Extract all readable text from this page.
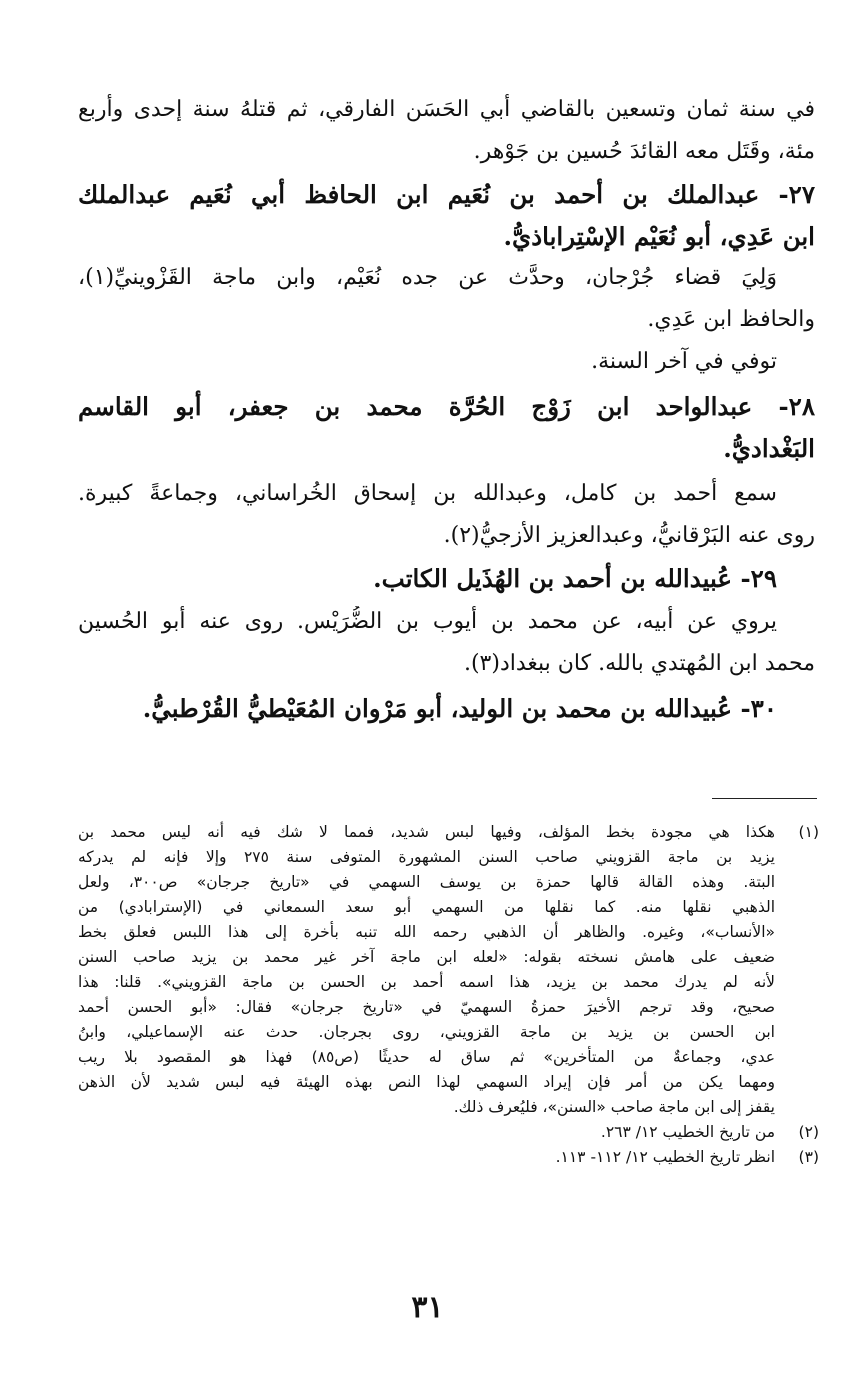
في سنة ثمان وتسعين بالقاضي أبي الحَسَن الفارقي، ثم قتلهُ سنة إحدى وأربع
مئة، وقَتَل معه القائدَ حُسين بن جَوْهر.
٢٧- عبدالملك بن أحمد بن نُعَيم ابن الحافظ أبي نُعَيم عبدالملك
ابن عَدِي، أبو نُعَيْم الإسْتِراباذيُّ.
وَلِيَ قضاء جُرْجان، وحدَّث عن جده نُعَيْم، وابن ماجة القَزْوينيِّ(١)،
والحافظ ابن عَدِي.
توفي في آخر السنة.
٢٨- عبدالواحد ابن زَوْج الحُرَّة محمد بن جعفر، أبو القاسم
البَغْداديُّ.
سمع أحمد بن كامل، وعبدالله بن إسحاق الخُراساني، وجماعةً كبيرة.
روى عنه البَرْقانيُّ، وعبدالعزيز الأزجيُّ(٢).
٢٩- عُبيدالله بن أحمد بن الهُذَيل الكاتب.
يروي عن أبيه، عن محمد بن أيوب بن الضُّرَيْس. روى عنه أبو الحُسين
محمد ابن المُهتدي بالله. كان ببغداد(٣).
٣٠- عُبيدالله بن محمد بن الوليد، أبو مَرْوان المُعَيْطيُّ القُرْطبيُّ.
(١)
هكذا هي مجودة بخط المؤلف، وفيها لبس شديد، فمما لا شك فيه أنه ليس محمد بن
يزيد بن ماجة القزويني صاحب السنن المشهورة المتوفى سنة ٢٧٥ وإلا فإنه لم يدركه
البتة. وهذه القالة قالها حمزة بن يوسف السهمي في «تاريخ جرجان» ص٣٠٠، ولعل
الذهبي نقلها منه. كما نقلها من السهمي أبو سعد السمعاني في (الإسترابادي) من
«الأنساب»، وغيره. والظاهر أن الذهبي رحمه الله تنبه بأخرة إلى هذا اللبس فعلق بخط
ضعيف على هامش نسخته بقوله: «لعله ابن ماجة آخر غير محمد بن يزيد صاحب السنن
لأنه لم يدرك محمد بن يزيد، هذا اسمه أحمد بن الحسن بن ماجة القزويني». قلنا: هذا
صحيح، وقد ترجم الأخيرَ حمزةُ السهميّ في «تاريخ جرجان» فقال: «أبو الحسن أحمد
ابن الحسن بن يزيد بن ماجة القزويني، روى بجرجان. حدث عنه الإسماعيلي، وابنُ
عدي، وجماعةٌ من المتأخرين» ثم ساق له حديثًا (ص٨٥) فهذا هو المقصود بلا ريب
ومهما يكن من أمر فإن إيراد السهمي لهذا النص بهذه الهيئة فيه لبس شديد لأن الذهن
يقفز إلى ابن ماجة صاحب «السنن»، فليُعرف ذلك.
(٢)
من تاريخ الخطيب ١٢/ ٢٦٣.
(٣)
انظر تاريخ الخطيب ١٢/ ١١٢- ١١٣.
٣١
